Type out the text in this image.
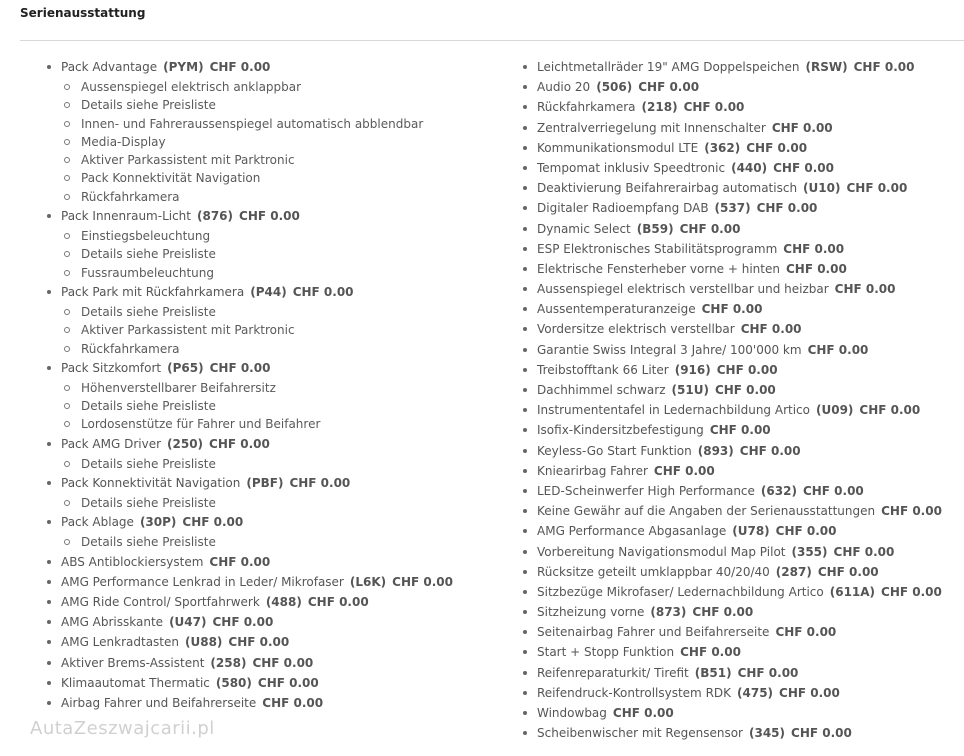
Serienausstattung
Pack Advantage (PYM) CHF 0.00
Aussenspiegel elektrisch anklappbar
Details siehe Preisliste
Innen- und Fahreraussenspiegel automatisch abblendbar
Media-Display
Aktiver Parkassistent mit Parktronic
Pack Konnektivität Navigation
Rückfahrkamera
Pack Innenraum-Licht (876) CHF 0.00
Einstiegsbeleuchtung
Details siehe Preisliste
Fussraumbeleuchtung
Pack Park mit Rückfahrkamera (P44) CHF 0.00
Details siehe Preisliste
Aktiver Parkassistent mit Parktronic
Rückfahrkamera
Pack Sitzkomfort (P65) CHF 0.00
Höhenverstellbarer Beifahrersitz
Details siehe Preisliste
Lordosenstütze für Fahrer und Beifahrer
Pack AMG Driver (250) CHF 0.00
Details siehe Preisliste
Pack Konnektivität Navigation (PBF) CHF 0.00
Details siehe Preisliste
Pack Ablage (30P) CHF 0.00
Details siehe Preisliste
ABS Antiblockiersystem CHF 0.00
AMG Performance Lenkrad in Leder/ Mikrofaser (L6K) CHF 0.00
AMG Ride Control/ Sportfahrwerk (488) CHF 0.00
AMG Abrisskante (U47) CHF 0.00
AMG Lenkradtasten (U88) CHF 0.00
Aktiver Brems-Assistent (258) CHF 0.00
Klimaautomat Thermatic (580) CHF 0.00
Airbag Fahrer und Beifahrerseite CHF 0.00
Leichtmetallräder 19" AMG Doppelspeichen (RSW) CHF 0.00
Audio 20 (506) CHF 0.00
Rückfahrkamera (218) CHF 0.00
Zentralverriegelung mit Innenschalter CHF 0.00
Kommunikationsmodul LTE (362) CHF 0.00
Tempomat inklusiv Speedtronic (440) CHF 0.00
Deaktivierung Beifahrerairbag automatisch (U10) CHF 0.00
Digitaler Radioempfang DAB (537) CHF 0.00
Dynamic Select (B59) CHF 0.00
ESP Elektronisches Stabilitätsprogramm CHF 0.00
Elektrische Fensterheber vorne + hinten CHF 0.00
Aussenspiegel elektrisch verstellbar und heizbar CHF 0.00
Aussentemperaturanzeige CHF 0.00
Vordersitze elektrisch verstellbar CHF 0.00
Garantie Swiss Integral 3 Jahre/ 100'000 km CHF 0.00
Treibstofftank 66 Liter (916) CHF 0.00
Dachhimmel schwarz (51U) CHF 0.00
Instrumententafel in Ledernachbildung Artico (U09) CHF 0.00
Isofix-Kindersitzbefestigung CHF 0.00
Keyless-Go Start Funktion (893) CHF 0.00
Kniearirbag Fahrer CHF 0.00
LED-Scheinwerfer High Performance (632) CHF 0.00
Keine Gewähr auf die Angaben der Serienausstattungen CHF 0.00
AMG Performance Abgasanlage (U78) CHF 0.00
Vorbereitung Navigationsmodul Map Pilot (355) CHF 0.00
Rücksitze geteilt umklappbar 40/20/40 (287) CHF 0.00
Sitzbezüge Mikrofaser/ Ledernachbildung Artico (611A) CHF 0.00
Sitzheizung vorne (873) CHF 0.00
Seitenairbag Fahrer und Beifahrerseite CHF 0.00
Start + Stopp Funktion CHF 0.00
Reifenreparaturkit/ Tirefit (B51) CHF 0.00
Reifendruck-Kontrollsystem RDK (475) CHF 0.00
Windowbag CHF 0.00
Scheibenwischer mit Regensensor (345) CHF 0.00
AutaZeszwajcarii.pl
